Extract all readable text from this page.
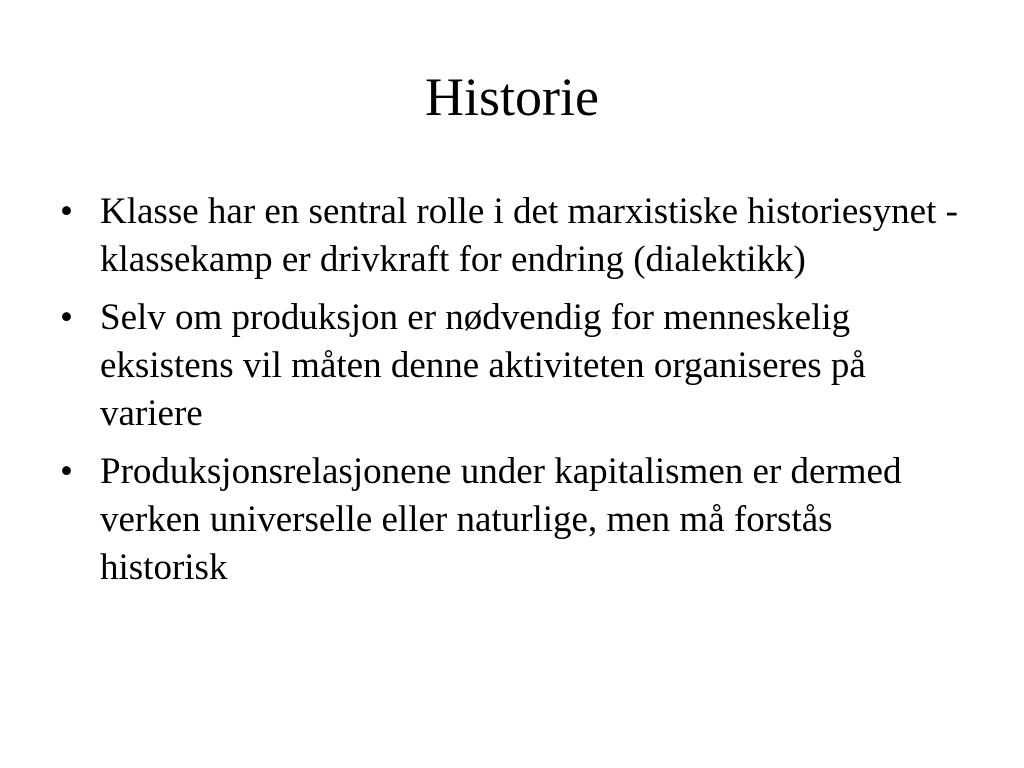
Historie
• Klasse har en sentral rolle i det marxistiske historiesynet - klassekamp er drivkraft for endring (dialektikk)
• Selv om produksjon er nødvendig for menneskelig eksistens vil måten denne aktiviteten organiseres på variere
• Produksjonsrelasjonene under kapitalismen er dermed verken universelle eller naturlige, men må forstås historisk
